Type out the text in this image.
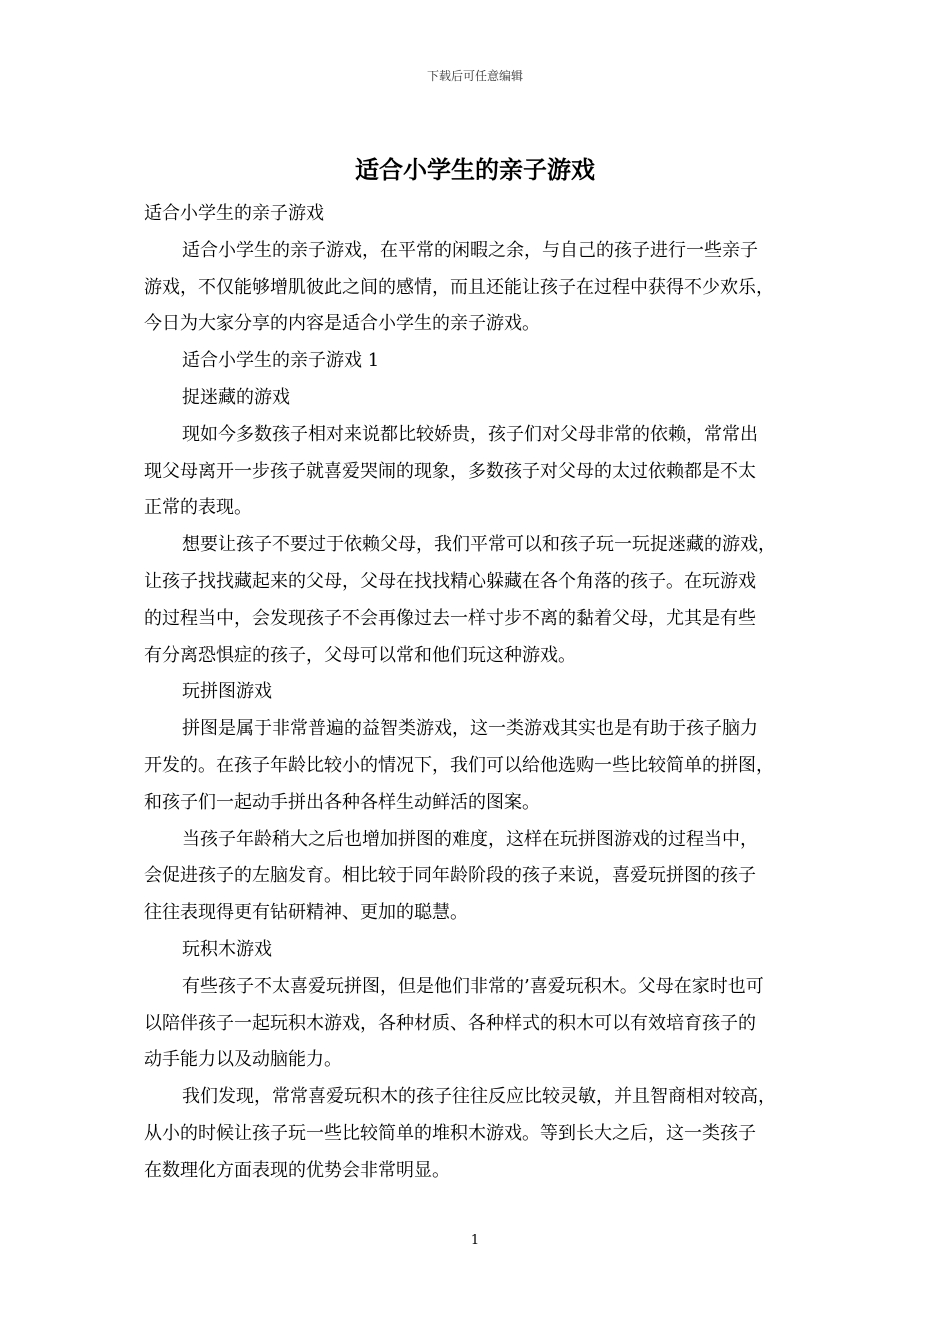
下载后可任意编辑
适合小学生的亲子游戏

适合小学生的亲子游戏

适合小学生的亲子游戏，在平常的闲暇之余，与自己的孩子进行一些亲子

游戏，不仅能够增肌彼此之间的感情，而且还能让孩子在过程中获得不少欢乐，

今日为大家分享的内容是适合小学生的亲子游戏。

适合小学生的亲子游戏 1

捉迷藏的游戏

现如今多数孩子相对来说都比较娇贵，孩子们对父母非常的依赖，常常出

现父母离开一步孩子就喜爱哭闹的现象，多数孩子对父母的太过依赖都是不太

正常的表现。

想要让孩子不要过于依赖父母，我们平常可以和孩子玩一玩捉迷藏的游戏，

让孩子找找藏起来的父母，父母在找找精心躲藏在各个角落的孩子。在玩游戏

的过程当中，会发现孩子不会再像过去一样寸步不离的黏着父母，尤其是有些

有分离恐惧症的孩子，父母可以常和他们玩这种游戏。

玩拼图游戏

拼图是属于非常普遍的益智类游戏，这一类游戏其实也是有助于孩子脑力

开发的。在孩子年龄比较小的情况下，我们可以给他选购一些比较简单的拼图，

和孩子们一起动手拼出各种各样生动鲜活的图案。

当孩子年龄稍大之后也增加拼图的难度，这样在玩拼图游戏的过程当中，

会促进孩子的左脑发育。相比较于同年龄阶段的孩子来说，喜爱玩拼图的孩子

往往表现得更有钻研精神、更加的聪慧。

玩积木游戏

有些孩子不太喜爱玩拼图，但是他们非常的’喜爱玩积木。父母在家时也可

以陪伴孩子一起玩积木游戏，各种材质、各种样式的积木可以有效培育孩子的

动手能力以及动脑能力。

我们发现，常常喜爱玩积木的孩子往往反应比较灵敏，并且智商相对较高，

从小的时候让孩子玩一些比较简单的堆积木游戏。等到长大之后，这一类孩子

在数理化方面表现的优势会非常明显。

1
